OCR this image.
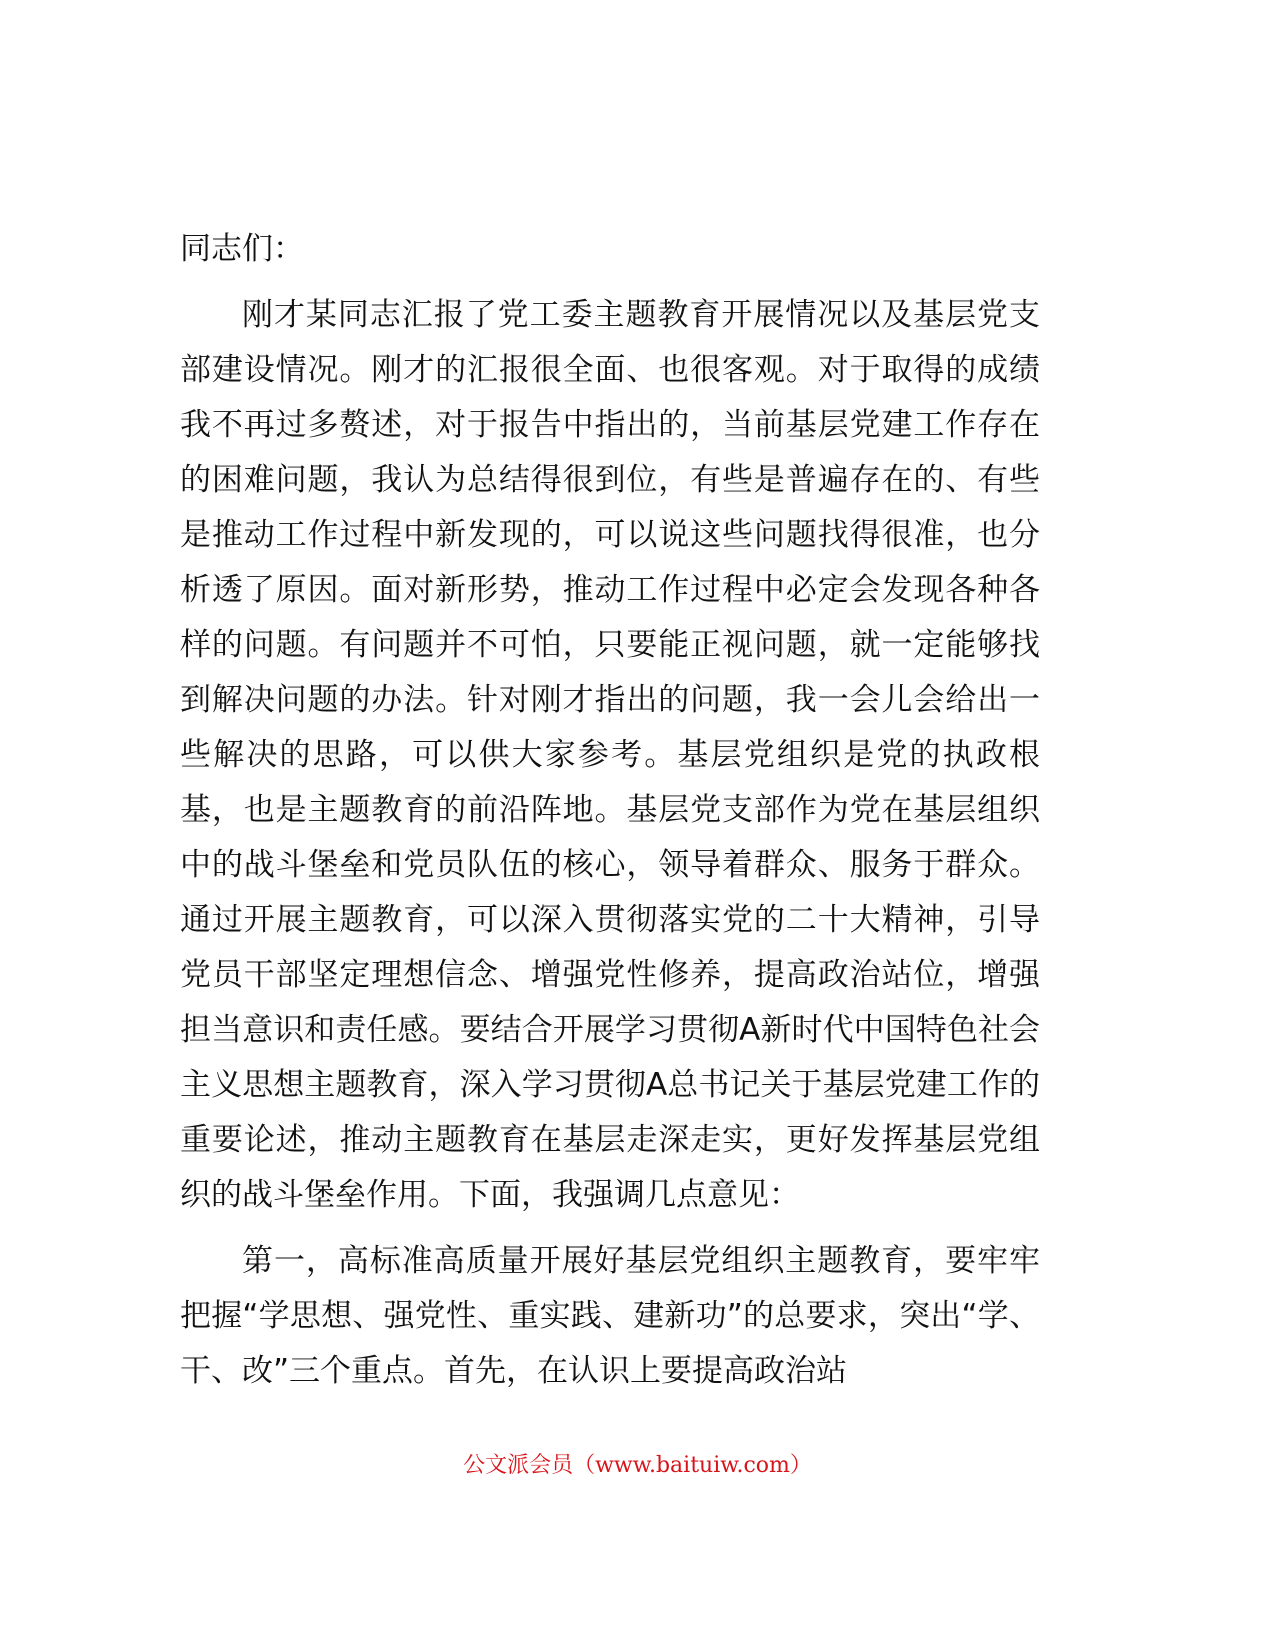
同志们：

刚才某同志汇报了党工委主题教育开展情况以及基层党支部建设情况。刚才的汇报很全面、也很客观。对于取得的成绩我不再过多赘述，对于报告中指出的，当前基层党建工作存在的困难问题，我认为总结得很到位，有些是普遍存在的、有些是推动工作过程中新发现的，可以说这些问题找得很准，也分析透了原因。面对新形势，推动工作过程中必定会发现各种各样的问题。有问题并不可怕，只要能正视问题，就一定能够找到解决问题的办法。针对刚才指出的问题，我一会儿会给出一些解决的思路，可以供大家参考。基层党组织是党的执政根基，也是主题教育的前沿阵地。基层党支部作为党在基层组织中的战斗堡垒和党员队伍的核心，领导着群众、服务于群众。通过开展主题教育，可以深入贯彻落实党的二十大精神，引导党员干部坚定理想信念、增强党性修养，提高政治站位，增强担当意识和责任感。要结合开展学习贯彻A新时代中国特色社会主义思想主题教育，深入学习贯彻A总书记关于基层党建工作的重要论述，推动主题教育在基层走深走实，更好发挥基层党组织的战斗堡垒作用。下面，我强调几点意见：

第一，高标准高质量开展好基层党组织主题教育，要牢牢把握“学思想、强党性、重实践、建新功”的总要求，突出“学、干、改”三个重点。首先，在认识上要提高政治站

公文派会员（www.baituiw.com）
